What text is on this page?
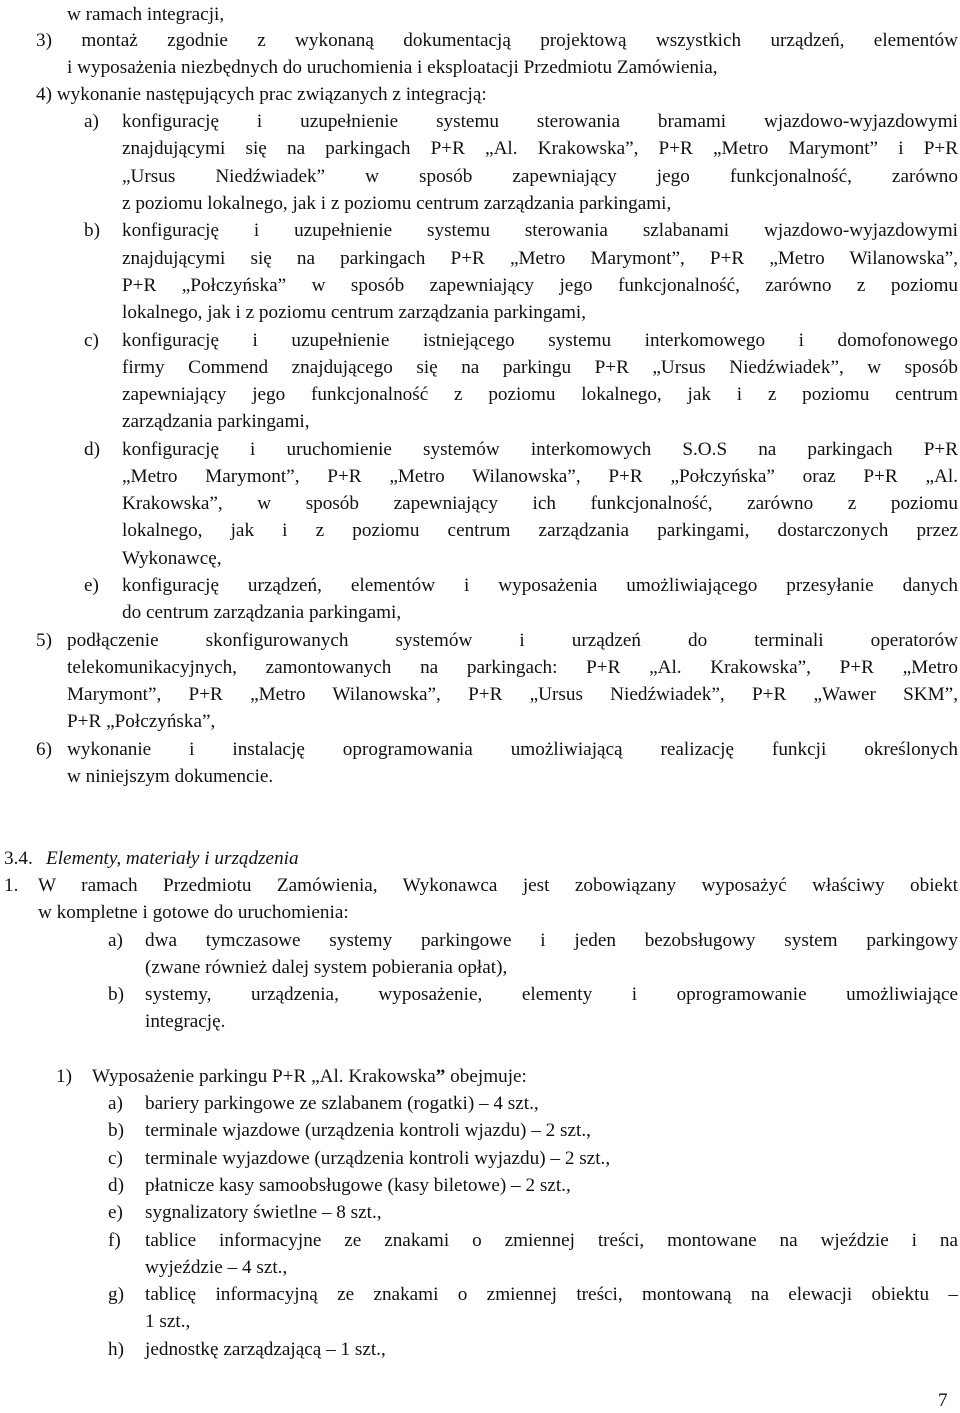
w ramach integracji,
3) montaż zgodnie z wykonaną dokumentacją projektową wszystkich urządzeń, elementów
i wyposażenia niezbędnych do uruchomienia i eksploatacji Przedmiotu Zamówienia,
4) wykonanie następujących prac związanych z integracją:
a) konfigurację i uzupełnienie systemu sterowania bramami wjazdowo-wyjazdowymi
znajdującymi się na parkingach P+R „Al. Krakowska”, P+R „Metro Marymont” i P+R
„Ursus Niedźwiadek” w sposób zapewniający jego funkcjonalność, zarówno
z poziomu lokalnego, jak i z poziomu centrum zarządzania parkingami,
b) konfigurację i uzupełnienie systemu sterowania szlabanami wjazdowo-wyjazdowymi
znajdującymi się na parkingach P+R „Metro Marymont”, P+R „Metro Wilanowska”,
P+R „Połczyńska” w sposób zapewniający jego funkcjonalność, zarówno z poziomu
lokalnego, jak i z poziomu centrum zarządzania parkingami,
c) konfigurację i uzupełnienie istniejącego systemu interkomowego i domofonowego
firmy Commend znajdującego się na parkingu P+R „Ursus Niedźwiadek”, w sposób
zapewniający jego funkcjonalność z poziomu lokalnego, jak i z poziomu centrum
zarządzania parkingami,
d) konfigurację i uruchomienie systemów interkomowych S.O.S na parkingach P+R
„Metro Marymont”, P+R „Metro Wilanowska”, P+R „Połczyńska” oraz P+R „Al.
Krakowska”, w sposób zapewniający ich funkcjonalność, zarówno z poziomu
lokalnego, jak i z poziomu centrum zarządzania parkingami, dostarczonych przez
Wykonawcę,
e) konfigurację urządzeń, elementów i wyposażenia umożliwiającego przesyłanie danych
do centrum zarządzania parkingami,
5) podłączenie skonfigurowanych systemów i urządzeń do terminali operatorów
telekomunikacyjnych, zamontowanych na parkingach: P+R „Al. Krakowska”, P+R „Metro
Marymont”, P+R „Metro Wilanowska”, P+R „Ursus Niedźwiadek”, P+R „Wawer SKM”,
P+R „Połczyńska”,
6) wykonanie i instalację oprogramowania umożliwiającą realizację funkcji określonych
w niniejszym dokumencie.
3.4. Elementy, materiały i urządzenia
1. W ramach Przedmiotu Zamówienia, Wykonawca jest zobowiązany wyposażyć właściwy obiekt
w kompletne i gotowe do uruchomienia:
a) dwa tymczasowe systemy parkingowe i jeden bezobsługowy system parkingowy
(zwane również dalej system pobierania opłat),
b) systemy, urządzenia, wyposażenie, elementy i oprogramowanie umożliwiające
integrację.
1) Wyposażenie parkingu P+R „Al. Krakowska” obejmuje:
a) bariery parkingowe ze szlabanem (rogatki) – 4 szt.,
b) terminale wjazdowe (urządzenia kontroli wjazdu) – 2 szt.,
c) terminale wyjazdowe (urządzenia kontroli wyjazdu) – 2 szt.,
d) płatnicze kasy samoobsługowe (kasy biletowe) – 2 szt.,
e) sygnalizatory świetlne – 8 szt.,
f) tablice informacyjne ze znakami o zmiennej treści, montowane na wjeździe i na
wyjeździe – 4 szt.,
g) tablicę informacyjną ze znakami o zmiennej treści, montowaną na elewacji obiektu –
1 szt.,
h) jednostkę zarządzającą – 1 szt.,
7
